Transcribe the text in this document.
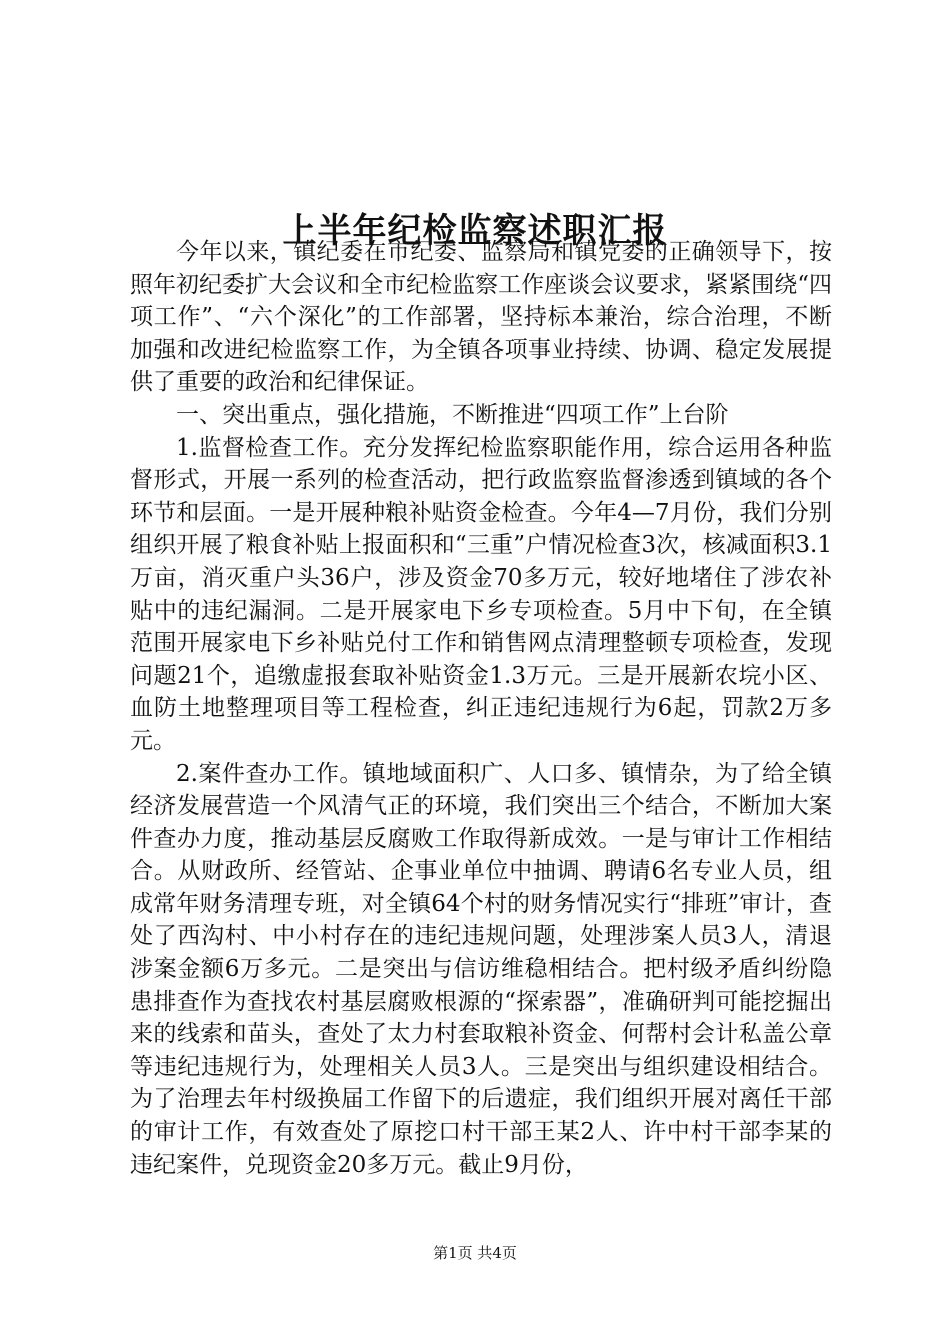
上半年纪检监察述职汇报

今年以来，镇纪委在市纪委、监察局和镇党委的正确领导下，按照年初纪委扩大会议和全市纪检监察工作座谈会议要求，紧紧围绕“四项工作”、“六个深化”的工作部署，坚持标本兼治，综合治理，不断加强和改进纪检监察工作，为全镇各项事业持续、协调、稳定发展提供了重要的政治和纪律保证。

一、突出重点，强化措施，不断推进“四项工作”上台阶

1.监督检查工作。充分发挥纪检监察职能作用，综合运用各种监督形式，开展一系列的检查活动，把行政监察监督渗透到镇域的各个环节和层面。一是开展种粮补贴资金检查。今年4—7月份，我们分别组织开展了粮食补贴上报面积和“三重”户情况检查3次，核减面积3.1万亩，消灭重户头36户，涉及资金70多万元，较好地堵住了涉农补贴中的违纪漏洞。二是开展家电下乡专项检查。5月中下旬，在全镇范围开展家电下乡补贴兑付工作和销售网点清理整顿专项检查，发现问题21个，追缴虚报套取补贴资金1.3万元。三是开展新农垸小区、血防土地整理项目等工程检查，纠正违纪违规行为6起，罚款2万多元。

2.案件查办工作。镇地域面积广、人口多、镇情杂，为了给全镇经济发展营造一个风清气正的环境，我们突出三个结合，不断加大案件查办力度，推动基层反腐败工作取得新成效。一是与审计工作相结合。从财政所、经管站、企事业单位中抽调、聘请6名专业人员，组成常年财务清理专班，对全镇64个村的财务情况实行“排班”审计，查处了西沟村、中小村存在的违纪违规问题，处理涉案人员3人，清退涉案金额6万多元。二是突出与信访维稳相结合。把村级矛盾纠纷隐患排查作为查找农村基层腐败根源的“探索器”，准确研判可能挖掘出来的线索和苗头，查处了太力村套取粮补资金、何帮村会计私盖公章等违纪违规行为，处理相关人员3人。三是突出与组织建设相结合。为了治理去年村级换届工作留下的后遗症，我们组织开展对离任干部的审计工作，有效查处了原挖口村干部王某2人、许中村干部李某的违纪案件，兑现资金20多万元。截止9月份，

第1页 共4页
